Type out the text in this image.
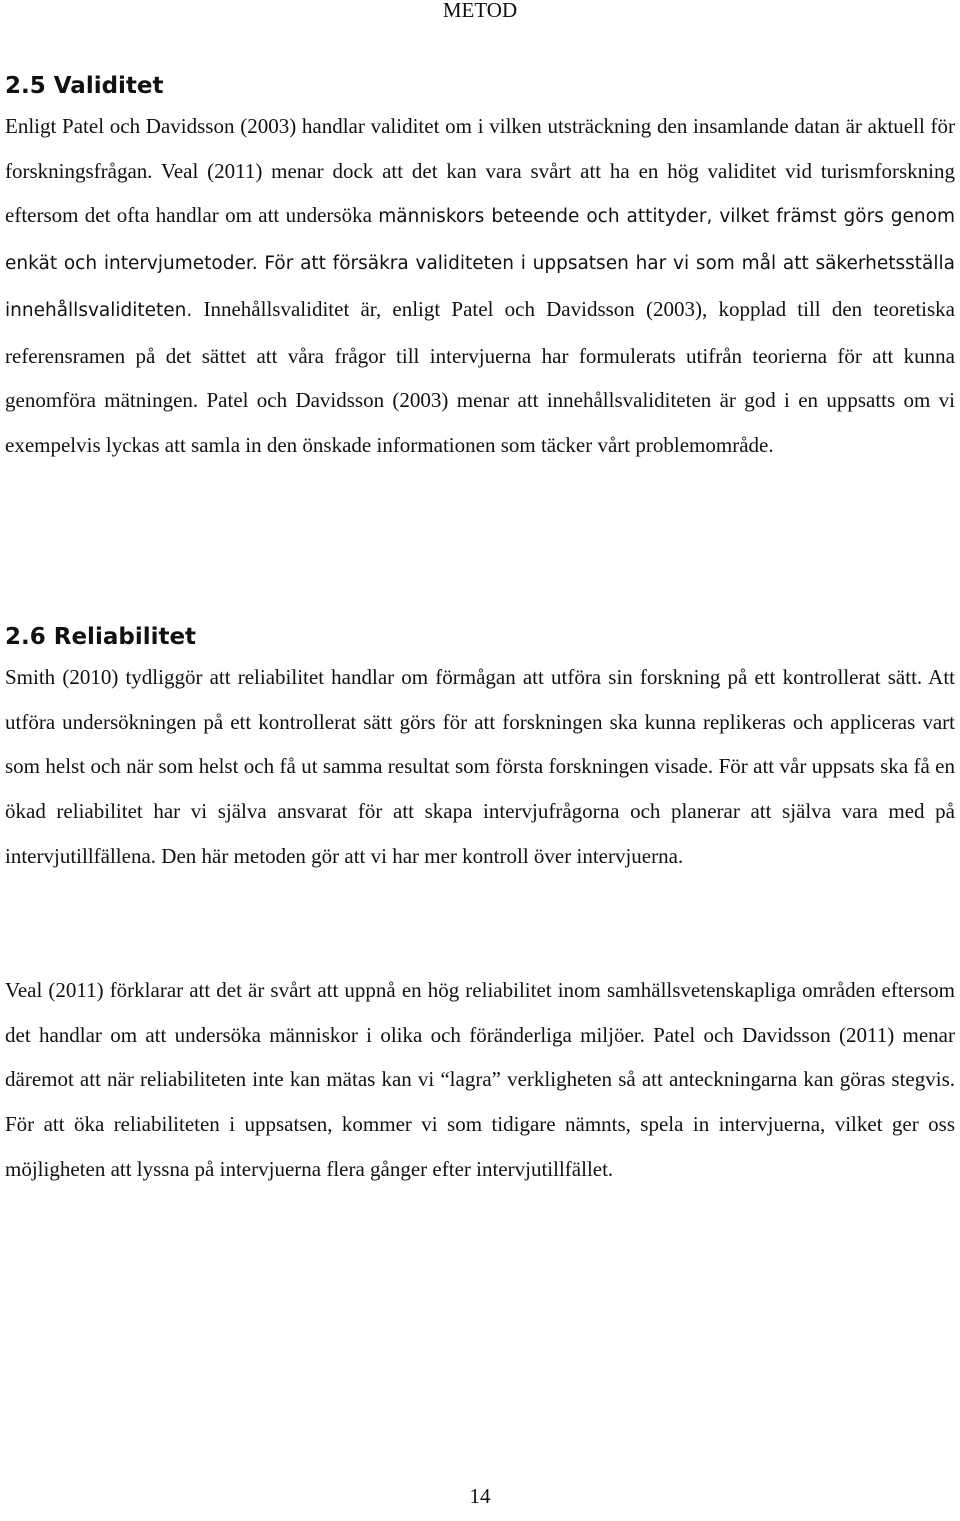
METOD
2.5 Validitet

Enligt Patel och Davidsson (2003) handlar validitet om i vilken utsträckning den insamlande datan är aktuell för forskningsfrågan. Veal (2011) menar dock att det kan vara svårt att ha en hög validitet vid turismforskning eftersom det ofta handlar om att undersöka människors beteende och attityder, vilket främst görs genom enkät och intervjumetoder. För att försäkra validiteten i uppsatsen har vi som mål att säkerhetsställa innehållsvaliditeten. Innehållsvaliditet är, enligt Patel och Davidsson (2003), kopplad till den teoretiska referensramen på det sättet att våra frågor till intervjuerna har formulerats utifrån teorierna för att kunna genomföra mätningen. Patel och Davidsson (2003) menar att innehållsvaliditeten är god i en uppsatts om vi exempelvis lyckas att samla in den önskade informationen som täcker vårt problemområde.

2.6 Reliabilitet

Smith (2010) tydliggör att reliabilitet handlar om förmågan att utföra sin forskning på ett kontrollerat sätt. Att utföra undersökningen på ett kontrollerat sätt görs för att forskningen ska kunna replikeras och appliceras vart som helst och när som helst och få ut samma resultat som första forskningen visade. För att vår uppsats ska få en ökad reliabilitet har vi själva ansvarat för att skapa intervjufrågorna och planerar att själva vara med på intervjutillfällena. Den här metoden gör att vi har mer kontroll över intervjuerna.

Veal (2011) förklarar att det är svårt att uppnå en hög reliabilitet inom samhällsvetenskapliga områden eftersom det handlar om att undersöka människor i olika och föränderliga miljöer. Patel och Davidsson (2011) menar däremot att när reliabiliteten inte kan mätas kan vi “lagra” verkligheten så att anteckningarna kan göras stegvis. För att öka reliabiliteten i uppsatsen, kommer vi som tidigare nämnts, spela in intervjuerna, vilket ger oss möjligheten att lyssna på intervjuerna flera gånger efter intervjutillfället.

14
